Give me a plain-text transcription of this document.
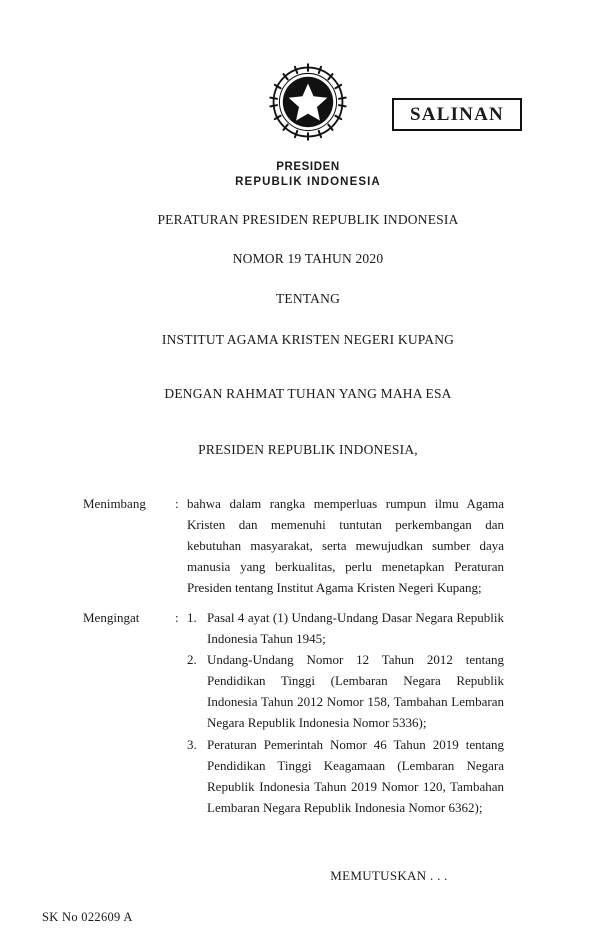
SALINAN
PRESIDEN
REPUBLIK INDONESIA
PERATURAN PRESIDEN REPUBLIK INDONESIA
NOMOR 19 TAHUN 2020
TENTANG
INSTITUT AGAMA KRISTEN NEGERI KUPANG
DENGAN RAHMAT TUHAN YANG MAHA ESA
PRESIDEN REPUBLIK INDONESIA,
Menimbang	: bahwa dalam rangka memperluas rumpun ilmu Agama Kristen dan memenuhi tuntutan perkembangan dan kebutuhan masyarakat, serta mewujudkan sumber daya manusia yang berkualitas, perlu menetapkan Peraturan Presiden tentang Institut Agama Kristen Negeri Kupang;

Mengingat	: 1. Pasal 4 ayat (1) Undang-Undang Dasar Negara Republik Indonesia Tahun 1945;
2. Undang-Undang Nomor 12 Tahun 2012 tentang Pendidikan Tinggi (Lembaran Negara Republik Indonesia Tahun 2012 Nomor 158, Tambahan Lembaran Negara Republik Indonesia Nomor 5336);
3. Peraturan Pemerintah Nomor 46 Tahun 2019 tentang Pendidikan Tinggi Keagamaan (Lembaran Negara Republik Indonesia Tahun 2019 Nomor 120, Tambahan Lembaran Negara Republik Indonesia Nomor 6362);
MEMUTUSKAN . . .
SK No 022609 A
